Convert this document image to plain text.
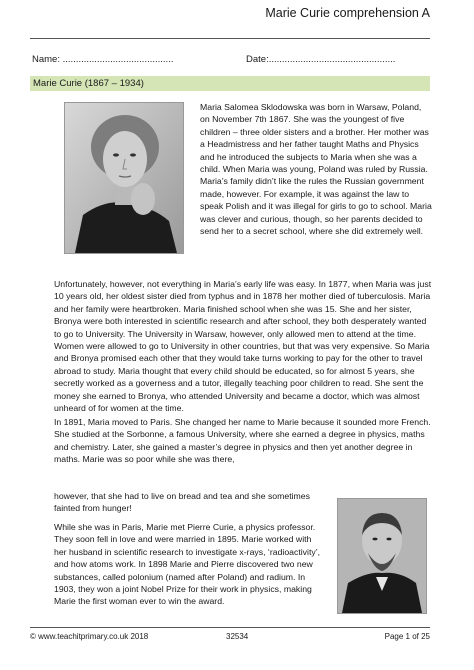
Marie Curie comprehension A
Name: ..........................................	Date:................................................
Marie Curie (1867 – 1934)

Maria Salomea Sklodowska was born in Warsaw, Poland, on November 7th 1867. She was the youngest of five children – three older sisters and a brother. Her mother was a Headmistress and her father taught Maths and Physics and he introduced the subjects to Maria when she was a child. When Maria was young, Poland was ruled by Russia. Maria’s family didn’t like the rules the Russian government made, however. For example, it was against the law to speak Polish and it was illegal for girls to go to school. Maria was clever and curious, though, so her parents decided to send her to a secret school, where she did extremely well.

Unfortunately, however, not everything in Maria’s early life was easy. In 1877, when Maria was just 10 years old, her oldest sister died from typhus and in 1878 her mother died of tuberculosis. Maria and her family were heartbroken. Maria finished school when she was 15. She and her sister, Bronya were both interested in scientific research and after school, they both desperately wanted to go to University. The University in Warsaw, however, only allowed men to attend at the time. Women were allowed to go to University in other countries, but that was very expensive. So Maria and Bronya promised each other that they would take turns working to pay for the other to travel abroad to study. Maria thought that every child should be educated, so for almost 5 years, she secretly worked as a governess and a tutor, illegally teaching poor children to read. She sent the money she earned to Bronya, who attended University and became a doctor, which was almost unheard of for women at the time.

In 1891, Maria moved to Paris. She changed her name to Marie because it sounded more French. She studied at the Sorbonne, a famous University, where she earned a degree in physics, maths and chemistry. Later, she gained a master’s degree in physics and then yet another degree in maths. Marie was so poor while she was there,

however, that she had to live on bread and tea and she sometimes fainted from hunger!

While she was in Paris, Marie met Pierre Curie, a physics professor. They soon fell in love and were married in 1895. Marie worked with her husband in scientific research to investigate x-rays, ‘radioactivity’, and how atoms work. In 1898 Marie and Pierre discovered two new substances, called polonium (named after Poland) and radium. In 1903, they won a joint Nobel Prize for their work in physics, making Marie the first woman ever to win the award.

© www.teachitprimary.co.uk 2018	32534	Page 1 of 25
